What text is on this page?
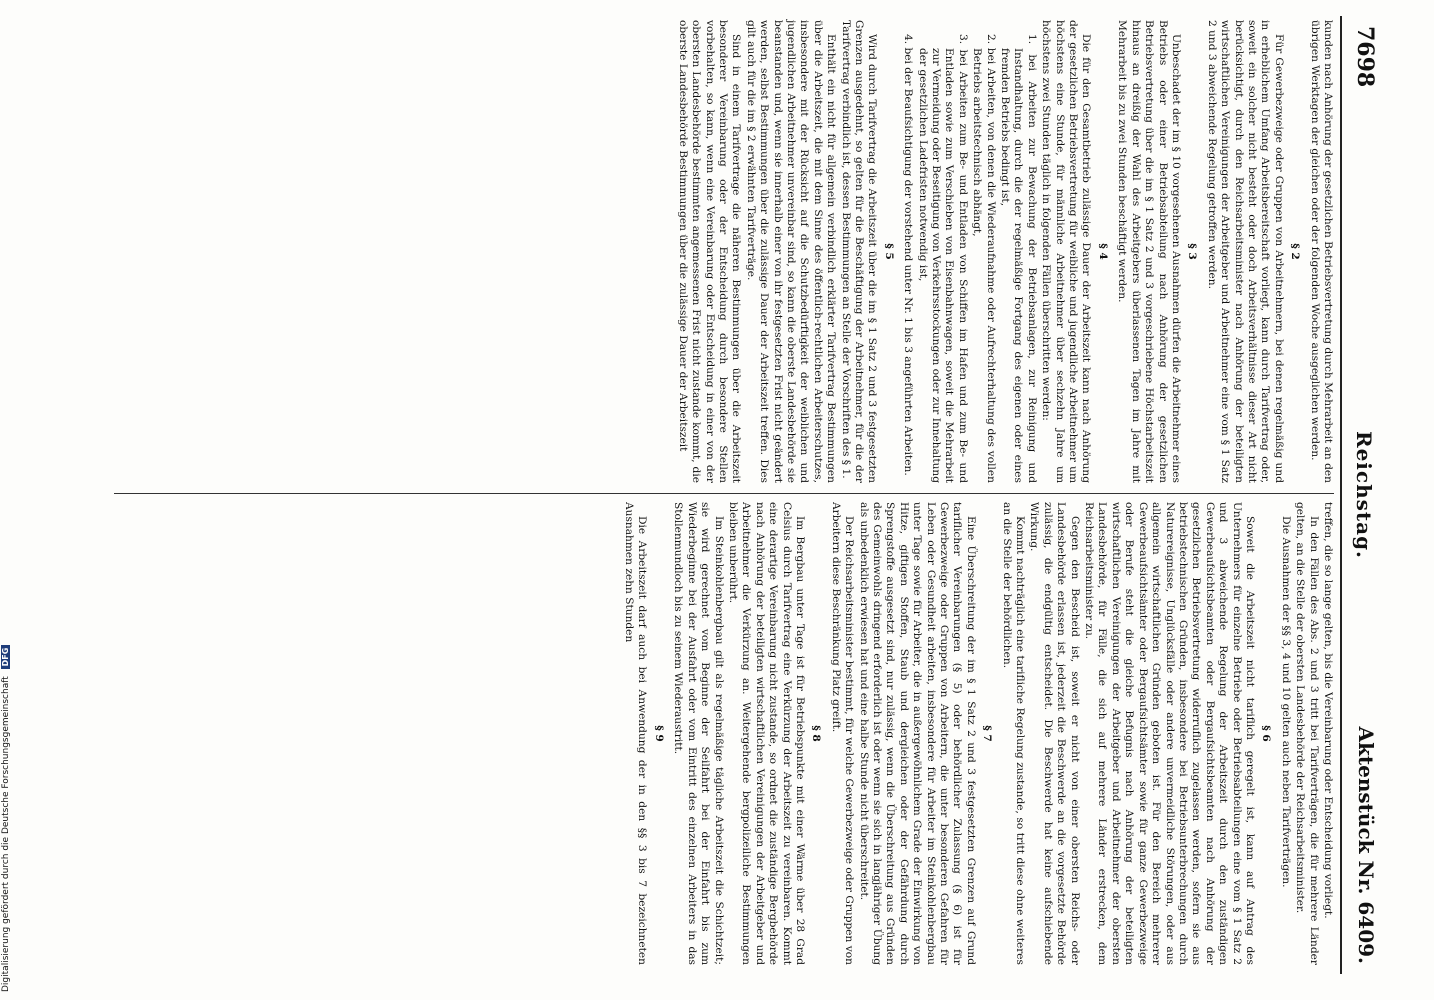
Digitalisierung gefördert durch die Deutsche Forschungsgemeinschaft DFG
7698
Reichstag.
Aktenstück Nr. 6409.

kunden nach Anhörung der gesetzlichen Betriebsvertretung durch Mehrarbeit an den übrigen Werktagen der gleichen oder der folgenden Woche ausgeglichen werden.

§ 2

Für Gewerbezweige oder Gruppen von Arbeitnehmern, bei denen regelmäßig und in erheblichem Umfang Arbeitsbereitschaft vorliegt, kann durch Tarifvertrag oder, soweit ein solcher nicht besteht oder doch Arbeitsverhältnisse dieser Art nicht berücksichtigt, durch den Reichsarbeitsminister nach Anhörung der beteiligten wirtschaftlichen Vereinigungen der Arbeitgeber und Arbeitnehmer eine vom § 1 Satz 2 und 3 abweichende Regelung getroffen werden.

§ 3

Unbeschadet der im § 10 vorgesehenen Ausnahmen dürfen die Arbeitnehmer eines Betriebs oder einer Betriebsabteilung nach Anhörung der gesetzlichen Betriebsvertretung über die im § 1 Satz 2 und 3 vorgeschriebene Höchstarbeitszeit hinaus an dreißig der Wahl des Arbeitgebers überlassenen Tagen im Jahre mit Mehrarbeit bis zu zwei Stunden beschäftigt werden.

§ 4

Die für den Gesamtbetrieb zulässige Dauer der Arbeitszeit kann nach Anhörung der gesetzlichen Betriebsvertretung für weibliche und jugendliche Arbeitnehmer um höchstens eine Stunde, für männliche Arbeitnehmer über sechzehn Jahre um höchstens zwei Stunden täglich in folgenden Fällen überschritten werden:

1. bei Arbeiten zur Bewachung der Betriebsanlagen, zur Reinigung und Instandhaltung, durch die der regelmäßige Fortgang des eigenen oder eines fremden Betriebs bedingt ist,

2. bei Arbeiten, von denen die Wiederaufnahme oder Aufrechterhaltung des vollen Betriebs arbeitstechnisch abhängt,

3. bei Arbeiten zum Be- und Entladen von Schiffen im Hafen und zum Be- und Entladen sowie zum Verschieben von Eisenbahnwagen, soweit die Mehrarbeit zur Vermeidung oder Beseitigung von Verkehrsstockungen oder zur Innehaltung der gesetzlichen Ladefristen notwendig ist,

4. bei der Beaufsichtigung der vorstehend unter Nr. 1 bis 3 angeführten Arbeiten.

§ 5

Wird durch Tarifvertrag die Arbeitszeit über die im § 1 Satz 2 und 3 festgesetzten Grenzen ausgedehnt, so gelten für die Beschäftigung der Arbeitnehmer, für die der Tarifvertrag verbindlich ist, dessen Bestimmungen an Stelle der Vorschriften des § 1.

Enthält ein nicht für allgemein verbindlich erklärter Tarifvertrag Bestimmungen über die Arbeitszeit, die mit dem Sinne des öffentlich-rechtlichen Arbeiterschutzes, insbesondere mit der Rücksicht auf die Schutzbedürftigkeit der weiblichen und jugendlichen Arbeitnehmer unvereinbar sind, so kann die oberste Landesbehörde sie beanstanden und, wenn sie innerhalb einer von ihr festgesetzten Frist nicht geändert werden, selbst Bestimmungen über die zulässige Dauer der Arbeitszeit treffen. Dies gilt auch für die im § 2 erwähnten Tarifverträge.

Sind in einem Tarifvertrage die näheren Bestimmungen über die Arbeitszeit besonderer Vereinbarung oder der Entscheidung durch besondere Stellen vorbehalten, so kann, wenn eine Vereinbarung oder Entscheidung in einer von der obersten Landesbehörde bestimmten angemessenen Frist nicht zustande kommt, die oberste Landesbehörde Bestimmungen über die zulässige Dauer der Arbeitszeit

treffen, die so lange gelten, bis die Vereinbarung oder Entscheidung vorliegt.

In den Fällen des Abs. 2 und 3 tritt bei Tarifverträgen, die für mehrere Länder gelten, an die Stelle der obersten Landesbehörde der Reichsarbeitsminister.

Die Ausnahmen der §§ 3, 4 und 10 gelten auch neben Tarifverträgen.

§ 6

Soweit die Arbeitszeit nicht tariflich geregelt ist, kann auf Antrag des Unternehmers für einzelne Betriebe oder Betriebsabteilungen eine vom § 1 Satz 2 und 3 abweichende Regelung der Arbeitszeit durch den zuständigen Gewerbeaufsichtsbeamten oder Bergaufsichtsbeamten nach Anhörung der gesetzlichen Betriebsvertretung widerruflich zugelassen werden, sofern sie aus betriebstechnischen Gründen, insbesondere bei Betriebsunterbrechungen durch Naturereignisse, Unglücksfälle oder andere unvermeidliche Störungen, oder aus allgemein wirtschaftlichen Gründen geboten ist. Für den Bereich mehrerer Gewerbeaufsichtsämter oder Bergaufsichtsämter sowie für ganze Gewerbezweige oder Berufe steht die gleiche Befugnis nach Anhörung der beteiligten wirtschaftlichen Vereinigungen der Arbeitgeber und Arbeitnehmer der obersten Landesbehörde, für Fälle, die sich auf mehrere Länder erstrecken, dem Reichsarbeitsminister zu.

Gegen den Bescheid ist, soweit er nicht von einer obersten Reichs- oder Landesbehörde erlassen ist, jederzeit die Beschwerde an die vorgesetzte Behörde zulässig, die endgültig entscheidet. Die Beschwerde hat keine aufschiebende Wirkung.

Kommt nachträglich eine tarifliche Regelung zustande, so tritt diese ohne weiteres an die Stelle der behördlichen.

§ 7

Eine Überschreitung der im § 1 Satz 2 und 3 festgesetzten Grenzen auf Grund tariflicher Vereinbarungen (§ 5) oder behördlicher Zulassung (§ 6) ist für Gewerbezweige oder Gruppen von Arbeitern, die unter besonderen Gefahren für Leben oder Gesundheit arbeiten, insbesondere für Arbeiter im Steinkohlenbergbau unter Tage sowie für Arbeiter, die in außergewöhnlichem Grade der Einwirkung von Hitze, giftigen Stoffen, Staub und dergleichen oder der Gefährdung durch Sprengstoffe ausgesetzt sind, nur zulässig, wenn die Überschreitung aus Gründen des Gemeinwohls dringend erforderlich ist oder wenn sie sich in langjähriger Übung als unbedenklich erwiesen hat und eine halbe Stunde nicht überschreitet.

Der Reichsarbeitsminister bestimmt, für welche Gewerbezweige oder Gruppen von Arbeitern diese Beschränkung Platz greift.

§ 8

Im Bergbau unter Tage ist für Betriebspunkte mit einer Wärme über 28 Grad Celsius durch Tarifvertrag eine Verkürzung der Arbeitszeit zu vereinbaren. Kommt eine derartige Vereinbarung nicht zustande, so ordnet die zuständige Bergbehörde nach Anhörung der beteiligten wirtschaftlichen Vereinigungen der Arbeitgeber und Arbeitnehmer die Verkürzung an. Weitergehende bergpolizeiliche Bestimmungen bleiben unberührt.

Im Steinkohlenbergbau gilt als regelmäßige tägliche Arbeitszeit die Schichtzeit; sie wird gerechnet vom Beginne der Seilfahrt bei der Einfahrt bis zum Wiederbeginne bei der Ausfahrt oder vom Eintritt des einzelnen Arbeiters in das Stollenmundloch bis zu seinem Wiederaustritt.

§ 9

Die Arbeitszeit darf auch bei Anwendung der in den §§ 3 bis 7 bezeichneten Ausnahmen zehn Stunden
